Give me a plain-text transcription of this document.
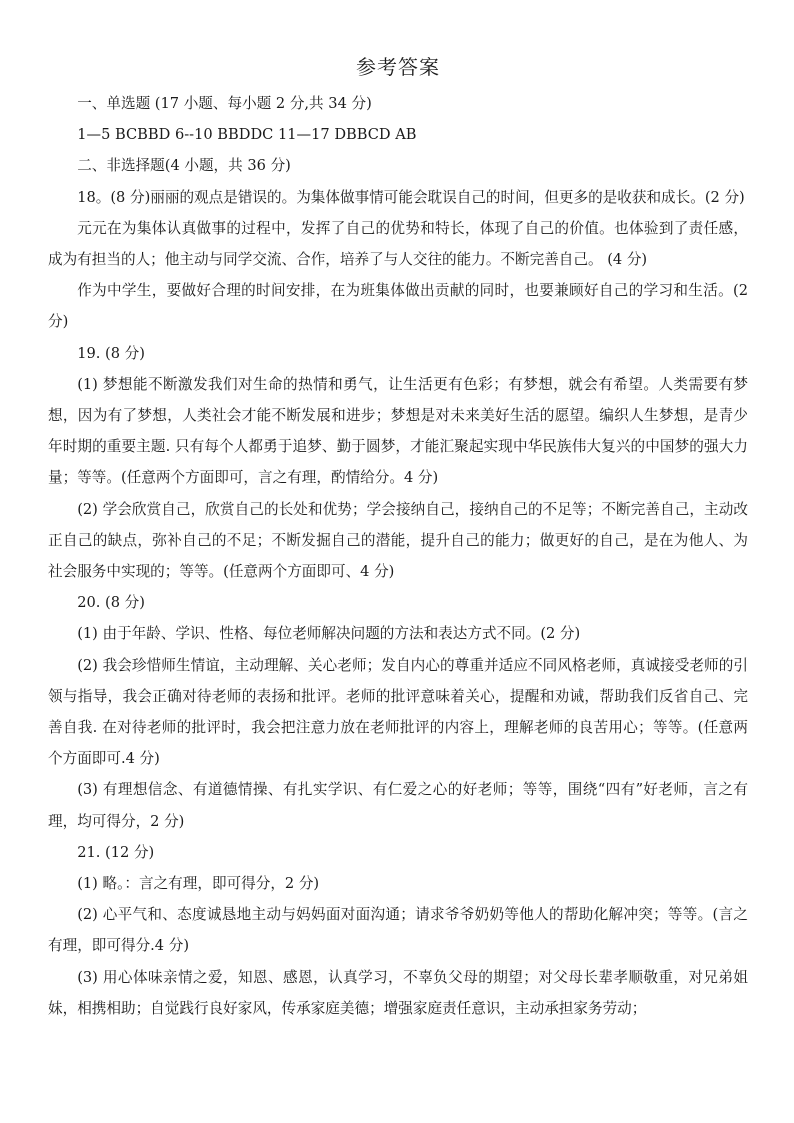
参考答案

一、单选题 (17 小题、每小题 2 分,共 34 分)

1—5 BCBBD 6--10 BBDDC 11—17 DBBCD AB

二、非选择题(4 小题，共 36 分)

18。(8 分)丽丽的观点是错误的。为集体做事情可能会耽误自己的时间，但更多的是收获和成长。(2 分)

元元在为集体认真做事的过程中，发挥了自己的优势和特长，体现了自己的价值。也体验到了责任感，成为有担当的人；他主动与同学交流、合作，培养了与人交往的能力。不断完善自己。 (4 分)

作为中学生，要做好合理的时间安排，在为班集体做出贡献的同时，也要兼顾好自己的学习和生活。(2 分)

19. (8 分)

(1) 梦想能不断激发我们对生命的热情和勇气，让生活更有色彩；有梦想，就会有希望。人类需要有梦想，因为有了梦想，人类社会才能不断发展和进步；梦想是对未来美好生活的愿望。编织人生梦想，是青少年时期的重要主题. 只有每个人都勇于追梦、勤于圆梦，才能汇聚起实现中华民族伟大复兴的中国梦的强大力量；等等。(任意两个方面即可，言之有理，酌情给分。4 分)

(2) 学会欣赏自己，欣赏自己的长处和优势；学会接纳自己，接纳自己的不足等；不断完善自己，主动改正自己的缺点，弥补自己的不足；不断发掘自己的潜能，提升自己的能力；做更好的自己，是在为他人、为社会服务中实现的；等等。(任意两个方面即可、4 分)

20. (8 分)

(1) 由于年龄、学识、性格、每位老师解决问题的方法和表达方式不同。(2 分)

(2) 我会珍惜师生情谊，主动理解、关心老师；发自内心的尊重并适应不同风格老师，真诚接受老师的引领与指导，我会正确对待老师的表扬和批评。老师的批评意味着关心，提醒和劝诫，帮助我们反省自己、完善自我. 在对待老师的批评时，我会把注意力放在老师批评的内容上，理解老师的良苦用心；等等。(任意两个方面即可.4 分)

(3) 有理想信念、有道德情操、有扎实学识、有仁爱之心的好老师；等等，围绕“四有”好老师，言之有理，均可得分，2 分)

21. (12 分)

(1) 略。：言之有理，即可得分，2 分)

(2) 心平气和、态度诚恳地主动与妈妈面对面沟通；请求爷爷奶奶等他人的帮助化解冲突；等等。(言之有理，即可得分.4 分)

(3) 用心体味亲情之爱，知恩、感恩，认真学习，不辜负父母的期望；对父母长辈孝顺敬重，对兄弟姐妹，相携相助；自觉践行良好家风，传承家庭美德；增强家庭责任意识，主动承担家务劳动；
